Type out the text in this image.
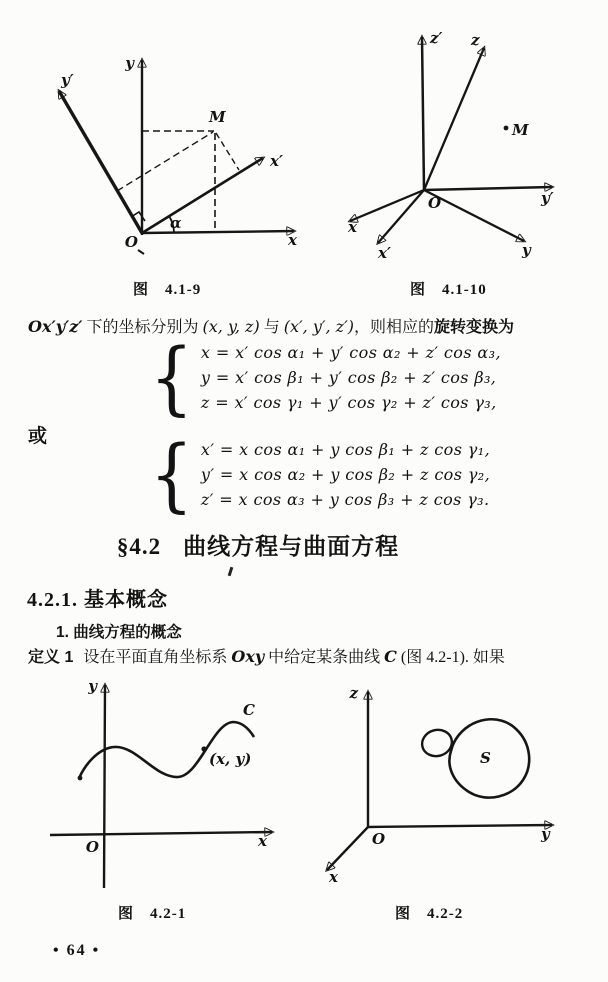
y
y′
x
x′
M
O
α
图　4.1-9
z′ z
y′
y
x
x′
M
O
图　4.1-10
Ox′y′z′ 下的坐标分别为 (x, y, z) 与 (x′, y′, z′)，则相应的旋转变换为
{ x = x′ cos α₁ + y′ cos α₂ + z′ cos α₃,
y = x′ cos β₁ + y′ cos β₂ + z′ cos β₃,
z = x′ cos γ₁ + y′ cos γ₂ + z′ cos γ₃,
或 { x′ = x cos α₁ + y cos β₁ + z cos γ₁,
y′ = x cos α₂ + y cos β₂ + z cos γ₂,
z′ = x cos α₃ + y cos β₃ + z cos γ₃.
§4.2 曲线方程与曲面方程
4.2.1. 基本概念
1. 曲线方程的概念
定义 1 设在平面直角坐标系 Oxy 中给定某条曲线 C (图 4.2-1). 如果
y
x
O
C
(x, y)
图　4.2-1
z
y
x
O
S
图　4.2-2
• 64 •
